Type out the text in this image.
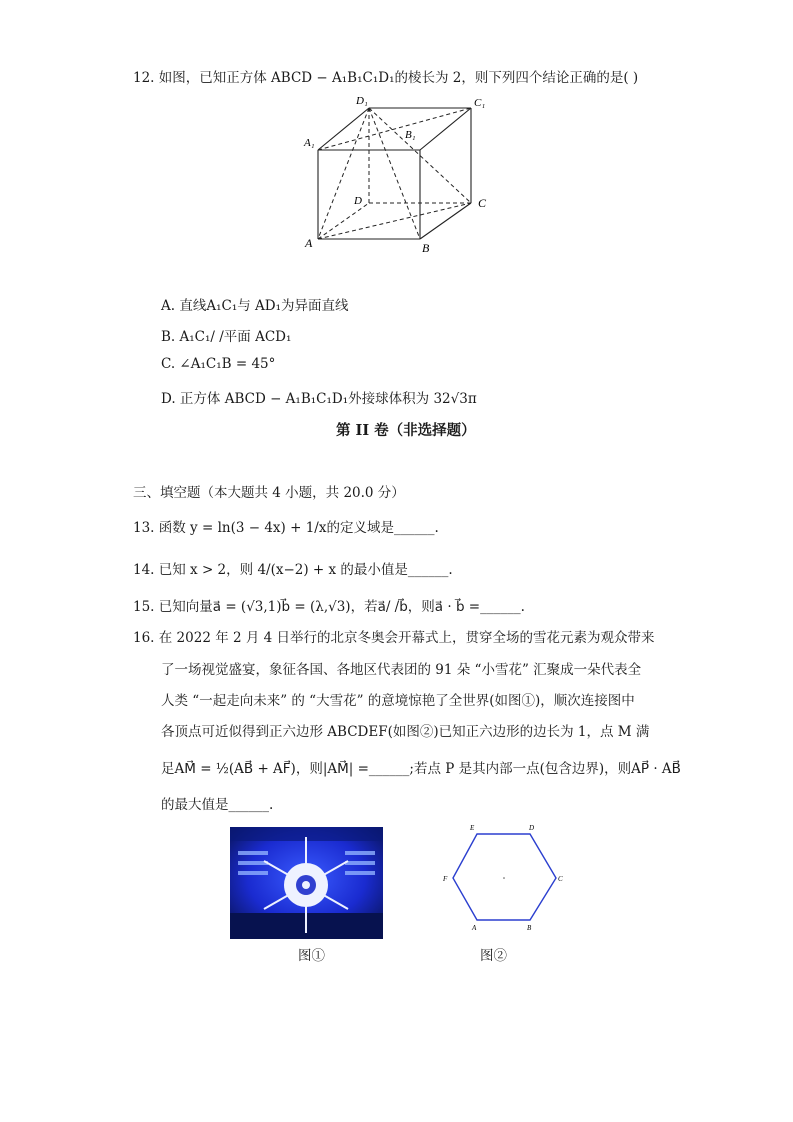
12. 如图，已知正方体 ABCD − A₁B₁C₁D₁的棱长为 2，则下列四个结论正确的是( )
D₁	C₁
A₁
B₁
D	C
A	B
A. 直线A₁C₁与 AD₁为异面直线
B. A₁C₁/ /平面 ACD₁
C. ∠A₁C₁B = 45°
D. 正方体 ABCD − A₁B₁C₁D₁外接球体积为 32√3π
第 II 卷（非选择题）
三、填空题（本大题共 4 小题，共 20.0 分）
13. 函数 y = ln(3 − 4x) + 1/x的定义域是______.
14. 已知 x > 2，则 4/(x−2) + x 的最小值是______.
15. 已知向量a⃗ = (√3,1)b⃗ = (λ,√3)，若a⃗/ /b⃗，则a⃗ · b⃗ =______.
16. 在 2022 年 2 月 4 日举行的北京冬奥会开幕式上，贯穿全场的雪花元素为观众带来
了一场视觉盛宴，象征各国、各地区代表团的 91 朵 “小雪花” 汇聚成一朵代表全
人类 “一起走向未来” 的 “大雪花” 的意境惊艳了全世界(如图①)，顺次连接图中
各顶点可近似得到正六边形 ABCDEF(如图②)已知正六边形的边长为 1，点 M 满
足AM⃗ = ½(AB⃗ + AF⃗)，则|AM⃗| =______;若点 P 是其内部一点(包含边界)，则AP⃗ · AB⃗
的最大值是______.
图①
E	D
F	C
A	B
图②
